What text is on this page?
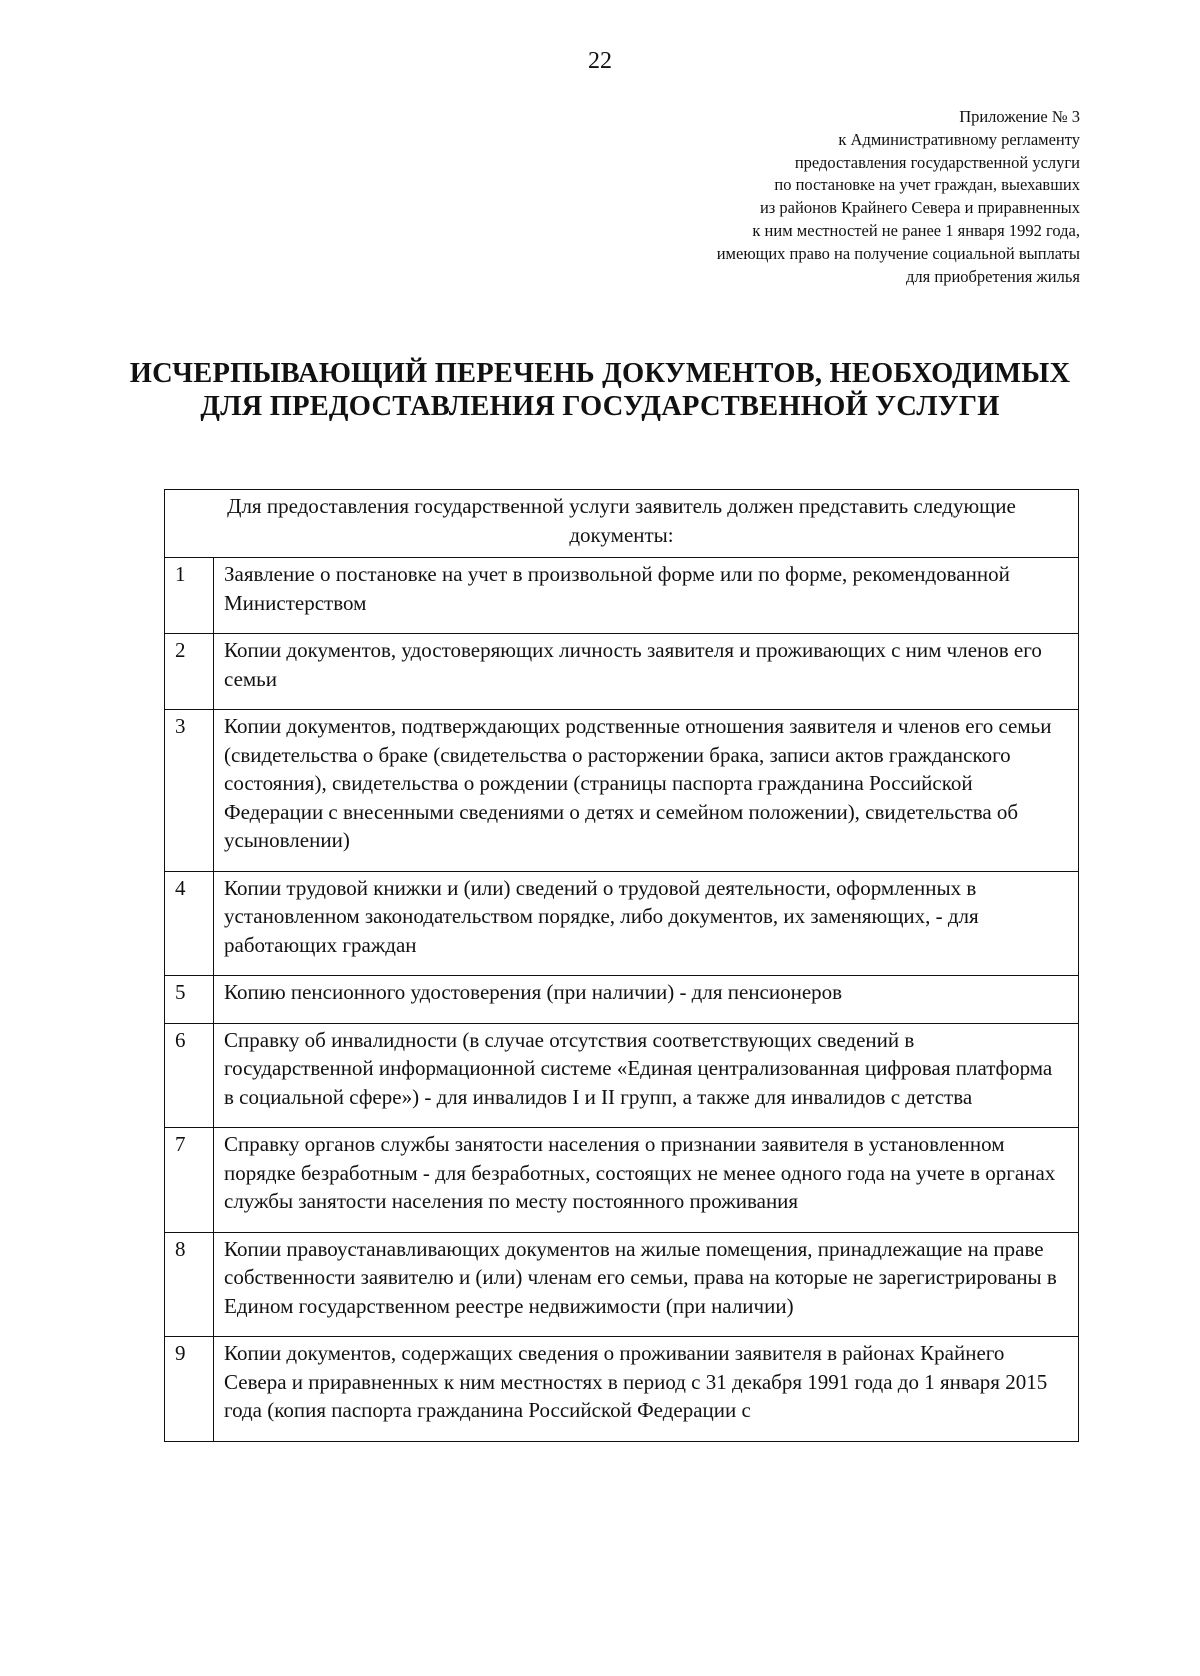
22
Приложение № 3
к Административному регламенту
предоставления государственной услуги
по постановке на учет граждан, выехавших
из районов Крайнего Севера и приравненных
к ним местностей не ранее 1 января 1992 года,
имеющих право на получение социальной выплаты
для приобретения жилья
ИСЧЕРПЫВАЮЩИЙ ПЕРЕЧЕНЬ ДОКУМЕНТОВ, НЕОБХОДИМЫХ
ДЛЯ ПРЕДОСТАВЛЕНИЯ ГОСУДАРСТВЕННОЙ УСЛУГИ
Для предоставления государственной услуги заявитель должен представить следующие документы:	
1	Заявление о постановке на учет в произвольной форме или по форме, рекомендованной Министерством
2	Копии документов, удостоверяющих личность заявителя и проживающих с ним членов его семьи
3	Копии документов, подтверждающих родственные отношения заявителя и членов его семьи (свидетельства о браке (свидетельства о расторжении брака, записи актов гражданского состояния), свидетельства о рождении (страницы паспорта гражданина Российской Федерации с внесенными сведениями о детях и семейном положении), свидетельства об усыновлении)
4	Копии трудовой книжки и (или) сведений о трудовой деятельности, оформленных в установленном законодательством порядке, либо документов, их заменяющих, - для работающих граждан
5	Копию пенсионного удостоверения (при наличии) - для пенсионеров
6	Справку об инвалидности (в случае отсутствия соответствующих сведений в государственной информационной системе «Единая централизованная цифровая платформа в социальной сфере») - для инвалидов I и II групп, а также для инвалидов с детства
7	Справку органов службы занятости населения о признании заявителя в установленном порядке безработным - для безработных, состоящих не менее одного года на учете в органах службы занятости населения по месту постоянного проживания
8	Копии правоустанавливающих документов на жилые помещения, принадлежащие на праве собственности заявителю и (или) членам его семьи, права на которые не зарегистрированы в Едином государственном реестре недвижимости (при наличии)
9	Копии документов, содержащих сведения о проживании заявителя в районах Крайнего Севера и приравненных к ним местностях в период с 31 декабря 1991 года до 1 января 2015 года (копия паспорта гражданина Российской Федерации с
